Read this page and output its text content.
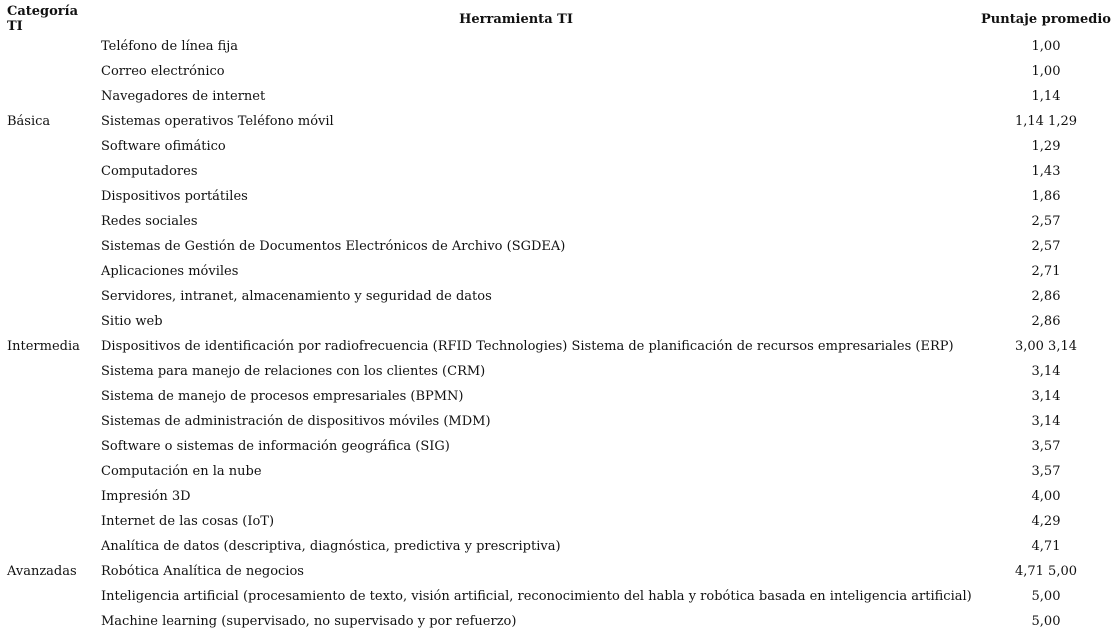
Categoría TI	Herramienta TI	Puntaje promedio
	Teléfono de línea fija	1,00
	Correo electrónico	1,00
	Navegadores de internet	1,14
Básica	Sistemas operativos Teléfono móvil	1,14 1,29
	Software ofimático	1,29
	Computadores	1,43
	Dispositivos portátiles	1,86
	Redes sociales	2,57
	Sistemas de Gestión de Documentos Electrónicos de Archivo (SGDEA)	2,57
	Aplicaciones móviles	2,71
	Servidores, intranet, almacenamiento y seguridad de datos	2,86
	Sitio web	2,86
Intermedia	Dispositivos de identificación por radiofrecuencia (RFID Technologies) Sistema de planificación de recursos empresariales (ERP)	3,00 3,14
	Sistema para manejo de relaciones con los clientes (CRM)	3,14
	Sistema de manejo de procesos empresariales (BPMN)	3,14
	Sistemas de administración de dispositivos móviles (MDM)	3,14
	Software o sistemas de información geográfica (SIG)	3,57
	Computación en la nube	3,57
	Impresión 3D	4,00
	Internet de las cosas (IoT)	4,29
	Analítica de datos (descriptiva, diagnóstica, predictiva y prescriptiva)	4,71
Avanzadas	Robótica Analítica de negocios	4,71 5,00
	Inteligencia artificial (procesamiento de texto, visión artificial, reconocimiento del habla y robótica basada en inteligencia artificial)	5,00
	Machine learning (supervisado, no supervisado y por refuerzo)	5,00
